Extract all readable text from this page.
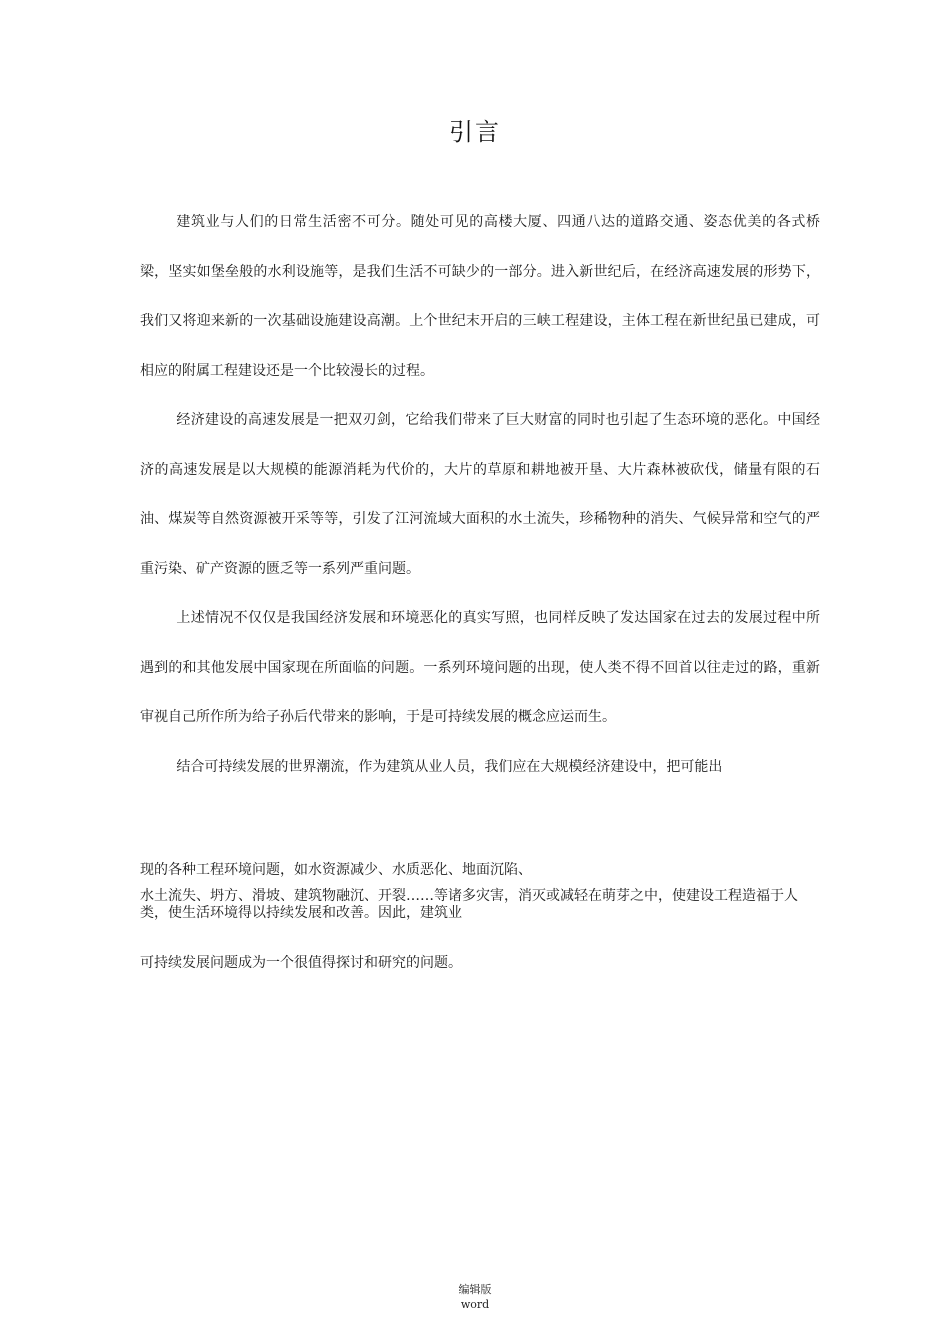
引言

建筑业与人们的日常生活密不可分。随处可见的高楼大厦、四通八达的道路交通、姿态优美的各式桥梁，坚实如堡垒般的水利设施等，是我们生活不可缺少的一部分。进入新世纪后，在经济高速发展的形势下，我们又将迎来新的一次基础设施建设高潮。上个世纪末开启的三峡工程建设，主体工程在新世纪虽已建成，可相应的附属工程建设还是一个比较漫长的过程。

经济建设的高速发展是一把双刃剑，它给我们带来了巨大财富的同时也引起了生态环境的恶化。中国经济的高速发展是以大规模的能源消耗为代价的，大片的草原和耕地被开垦、大片森林被砍伐，储量有限的石油、煤炭等自然资源被开采等等，引发了江河流域大面积的水土流失，珍稀物种的消失、气候异常和空气的严重污染、矿产资源的匮乏等一系列严重问题。

上述情况不仅仅是我国经济发展和环境恶化的真实写照，也同样反映了发达国家在过去的发展过程中所遇到的和其他发展中国家现在所面临的问题。一系列环境问题的出现，使人类不得不回首以往走过的路，重新审视自己所作所为给子孙后代带来的影响，于是可持续发展的概念应运而生。

结合可持续发展的世界潮流，作为建筑从业人员，我们应在大规模经济建设中，把可能出

现的各种工程环境问题，如水资源减少、水质恶化、地面沉陷、

水土流失、坍方、滑坡、建筑物融沉、开裂……等诸多灾害，消灭或减轻在萌芽之中，使建设工程造福于人类，使生活环境得以持续发展和改善。因此，建筑业

可持续发展问题成为一个很值得探讨和研究的问题。

编辑版
word
